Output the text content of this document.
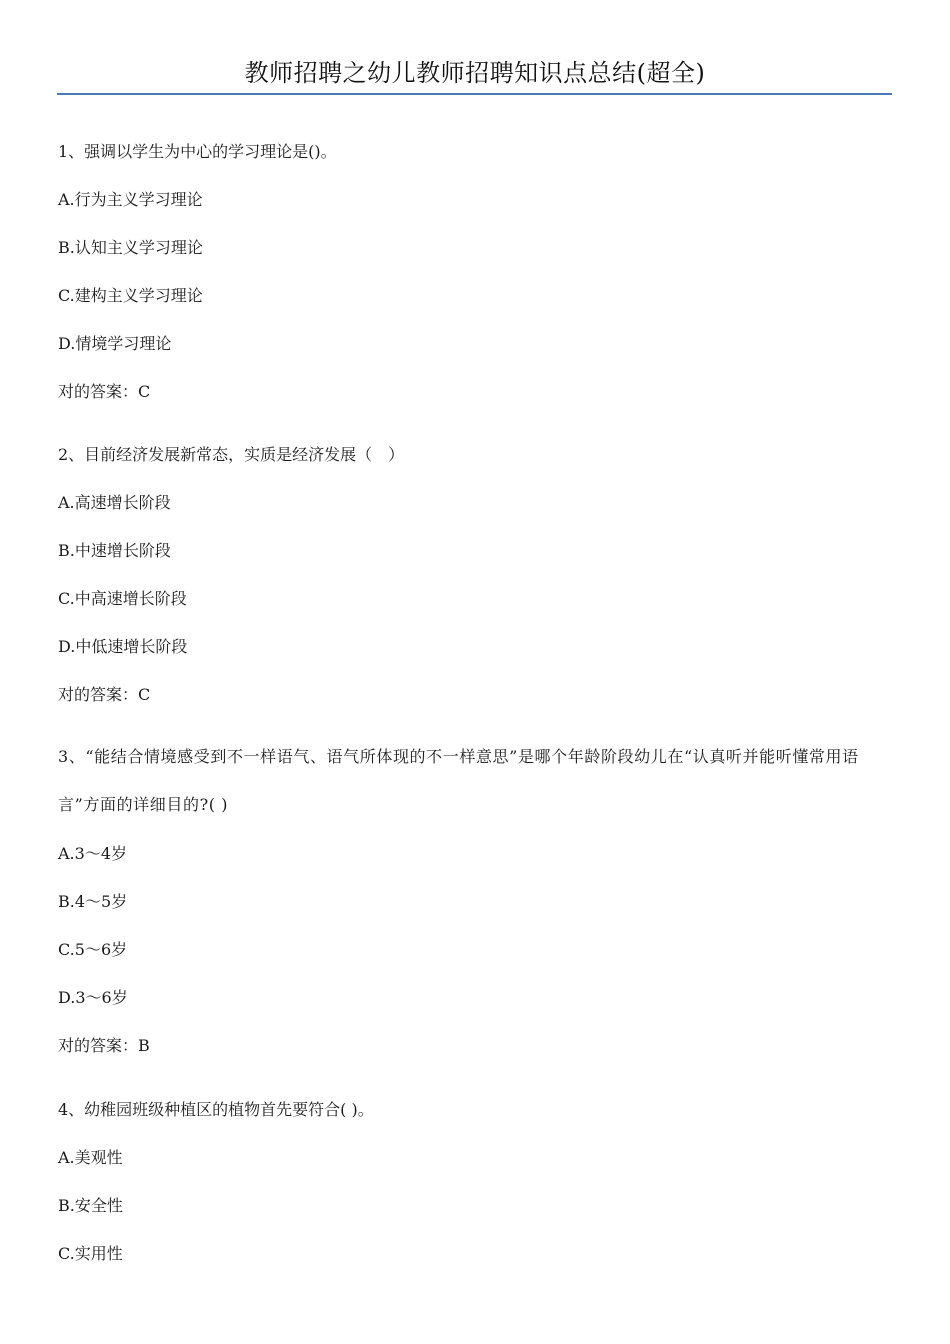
教师招聘之幼儿教师招聘知识点总结(超全)
1、强调以学生为中心的学习理论是()。
A.行为主义学习理论
B.认知主义学习理论
C.建构主义学习理论
D.情境学习理论
对的答案：C
2、目前经济发展新常态，实质是经济发展（　）
A.高速增长阶段
B.中速增长阶段
C.中高速增长阶段
D.中低速增长阶段
对的答案：C
3、“能结合情境感受到不一样语气、语气所体现的不一样意思”是哪个年龄阶段幼儿在“认真听并能听懂常用语言”方面的详细目的?( )
A.3～4岁
B.4～5岁
C.5～6岁
D.3～6岁
对的答案：B
4、幼稚园班级种植区的植物首先要符合( )。
A.美观性
B.安全性
C.实用性
